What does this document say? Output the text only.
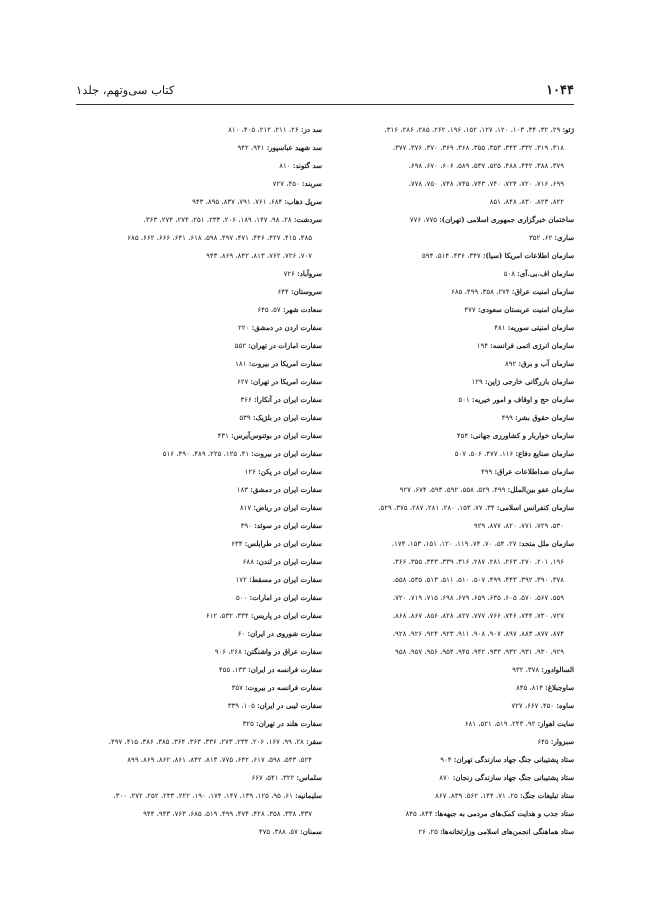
کتاب سی‌وتهم، جلد۱	۱۰۴۴
ژئو: ۲۹، ۳۲، ۳۴، ۱۰۳، ۱۲۰، ۱۲۷، ۱۵۲، ۱۹۶، ۲۶۲، ۲۸۵، ۲۸۶، ۳۱۶،
۳۱۸، ۳۱۹، ۳۳۲، ۳۴۳، ۳۵۳، ۳۵۵، ۳۶۸، ۳۶۹، ۳۷۰، ۳۷۶، ۳۷۷،
۳۷۹، ۳۸۸، ۴۴۲، ۴۸۸، ۵۲۵، ۵۳۷، ۵۸۹، ۶۰۶، ۶۷۰، ۶۹۸،
۶۹۹، ۷۱۶، ۷۲۰، ۷۲۴، ۷۴۰، ۷۴۳، ۷۴۵، ۷۴۸، ۷۵۰، ۷۷۸،
۸۲۲، ۸۲۳، ۸۳۰، ۸۴۸، ۸۵۱
ساختمان خبرگزاری جمهوری اسلامی (تهران): ۷۷۵، ۷۷۶
ساری: ۶۲، ۳۵۲
سازمان اطلاعات امریکا (سیا): ۳۴۷، ۴۳۶، ۵۱۴، ۵۹۴
سازمان اف.بی.آی: ۵۰۸
سازمان امنیت عراق: ۲۷۴، ۳۵۸، ۴۹۹، ۶۸۵
سازمان امنیت عربستان سعودی: ۴۷۷
سازمان امنیتی سوریه: ۴۸۱
سازمان انرژی اتمی فرانسه: ۱۹۴
سازمان آب و برق: ۸۹۲
سازمان بازرگانی خارجی ژاپن: ۱۲۹
سازمان حج و اوقاف و امور خیریه: ۵۰۱
سازمان حقوق بشر: ۴۹۹
سازمان خواربار و کشاورزی جهانی: ۴۵۴
سازمان صنایع دفاع: ۱۱۶، ۴۷۷، ۵۰۶، ۵۰۷
سازمان ضداطلاعات عراق: ۴۹۹
سازمان عفو بین‌الملل: ۴۹۹، ۵۲۹، ۵۵۸، ۵۹۲، ۵۹۳، ۶۷۴، ۹۲۷
سازمان کنفرانس اسلامی: ۳۴، ۷۷، ۱۵۳، ۲۸۰، ۲۸۱، ۲۸۷، ۳۷۵، ۵۲۹،
۵۳۰، ۷۲۹، ۷۷۱، ۸۲۰، ۸۷۷، ۹۲۹
سازمان ملل متحد: ۲۷، ۵۴، ۷۰، ۷۴، ۱۱۹، ۱۲۰، ۱۵۱، ۱۵۳، ۱۷۴،
۱۹۶، ۲۰۱، ۲۷۰، ۲۶۳، ۲۸۱، ۲۸۷، ۳۱۶، ۳۳۹، ۳۴۳، ۳۵۵، ۳۶۶،
۳۷۸، ۳۹۰، ۳۹۲، ۴۴۳، ۴۹۹، ۵۰۷، ۵۱۰، ۵۱۱، ۵۱۳، ۵۳۵، ۵۵۸،
۵۵۹، ۵۶۷، ۵۷۰، ۶۰۵، ۶۳۵، ۶۵۹، ۶۷۹، ۶۹۸، ۷۱۵، ۷۱۹، ۷۲۰،
۷۲۷، ۷۳۰، ۷۴۴، ۷۴۶، ۷۶۶، ۷۷۷، ۸۲۷، ۸۲۸، ۸۵۶، ۸۶۷، ۸۶۸،
۸۷۴، ۸۷۷، ۸۸۳، ۸۹۷، ۹۰۷، ۹۰۸، ۹۱۱، ۹۲۳، ۹۲۴، ۹۲۶، ۹۲۸،
۹۲۹، ۹۳۰، ۹۳۱، ۹۳۲، ۹۳۳، ۹۴۲، ۹۴۵، ۹۵۴، ۹۵۶، ۹۵۷، ۹۵۸
السالوادور: ۳۷۸، ۹۳۲
ساوجبلاغ: ۸۱۴، ۸۴۵
ساوه: ۴۵۰، ۶۶۷، ۷۲۷
سایت اهواز: ۹۲، ۲۴۳، ۵۱۹، ۵۲۱، ۶۸۱
سبزوار: ۶۴۵
ستاد پشتیبانی جنگ جهاد سازندگی تهران: ۹۰۴
ستاد پشتیبانی جنگ جهاد سازندگی زنجان: ۸۷۰
ستاد تبلیغات جنگ: ۲۵، ۷۱، ۱۴۴، ۵۶۲، ۸۳۹، ۸۶۷
ستاد جذب و هدایت کمک‌های مردمی به جبهه‌ها: ۸۴۴، ۸۴۵
ستاد هماهنگی انجمن‌های اسلامی وزارتخانه‌ها: ۲۵، ۲۶
سد دز: ۲۶، ۲۱۱، ۲۱۲، ۴۰۵، ۸۱۰
سد شهید عباسپور: ۹۴۱، ۹۴۲
سد گتوند: ۸۱۰
سربند: ۴۵۰، ۷۲۷
سرپل ذهاب: ۶۸۴، ۷۶۱، ۷۹۱، ۸۳۷، ۸۹۵، ۹۴۳
سردشت: ۲۸، ۹۸، ۱۴۷، ۱۸۹، ۲۰۶، ۲۳۳، ۲۵۱، ۲۷۴، ۲۷۴، ۳۶۳،
۳۸۵، ۴۱۵، ۴۲۷، ۴۴۶، ۴۷۱، ۴۹۷، ۵۹۸، ۶۱۸، ۶۴۱، ۶۶۶، ۶۶۲، ۶۸۵
۷۰۷، ۷۲۶، ۷۶۲، ۸۱۳، ۸۴۲، ۸۶۹، ۹۴۳
سروآباد: ۷۲۶
سروستان: ۶۴۴
سعادت شهر: ۵۷، ۶۴۵
سفارت اردن در دمشق: ۲۲۰
سفارت امارات در تهران: ۵۵۲
سفارت امریکا در بیروت: ۱۸۱
سفارت امریکا در تهران: ۶۲۷
سفارت ایران در آنکارا: ۳۶۶
سفارت ایران در بلژیک: ۵۳۹
سفارت ایران در بوئنوس‌آیرس: ۴۳۱
سفارت ایران در بیروت: ۴۱، ۱۲۵، ۲۲۵، ۴۸۹، ۴۹۰، ۵۱۶
سفارت ایران در پکن: ۱۲۶
سفارت ایران در دمشق: ۱۸۳
سفارت ایران در ریاض: ۸۱۷
سفارت ایران در سوئد: ۳۹۰
سفارت ایران در طرابلس: ۶۳۴
سفارت ایران در لندن: ۶۸۸
سفارت ایران در مسقط: ۱۷۲
سفارت ایران در امارات: ۵۰۰
سفارت ایران در پاریس: ۳۳۴، ۵۳۲، ۶۱۲
سفارت شوروی در ایران: ۶۰
سفارت عراق در واشنگتن: ۲۶۸، ۹۰۶
سفارت فرانسه در ایران: ۱۳۳، ۴۵۵
سفارت فرانسه در بیروت: ۳۵۷
سفارت لیبی در ایران: ۱۰۵، ۳۳۹
سفارت هلند در تهران: ۳۲۵
سقز: ۲۸، ۹۹، ۱۶۷، ۲۰۶، ۲۳۴، ۲۷۳، ۳۳۶، ۳۶۳، ۳۶۴، ۳۸۵، ۳۸۶، ۴۱۵، ۴۹۷،
۵۲۴، ۵۴۳، ۵۹۸، ۶۱۷، ۶۴۲، ۷۷۵، ۸۱۳، ۸۴۲، ۸۶۱، ۸۶۲، ۸۶۹، ۸۹۹
سلماس: ۳۲۲، ۵۴۱، ۶۶۷
سلیمانیه: ۶۱، ۹۵، ۱۲۵، ۱۳۹، ۱۴۷، ۱۷۴، ۱۹۰، ۲۲۲، ۲۳۳، ۲۵۲، ۲۷۲، ۳۰۰،
۳۳۷، ۳۳۸، ۳۵۸، ۴۲۸، ۴۷۴، ۴۹۹، ۵۱۹، ۶۸۵، ۷۶۳، ۹۴۳، ۹۴۴
سمنان: ۵۷، ۳۸۸، ۴۷۵
